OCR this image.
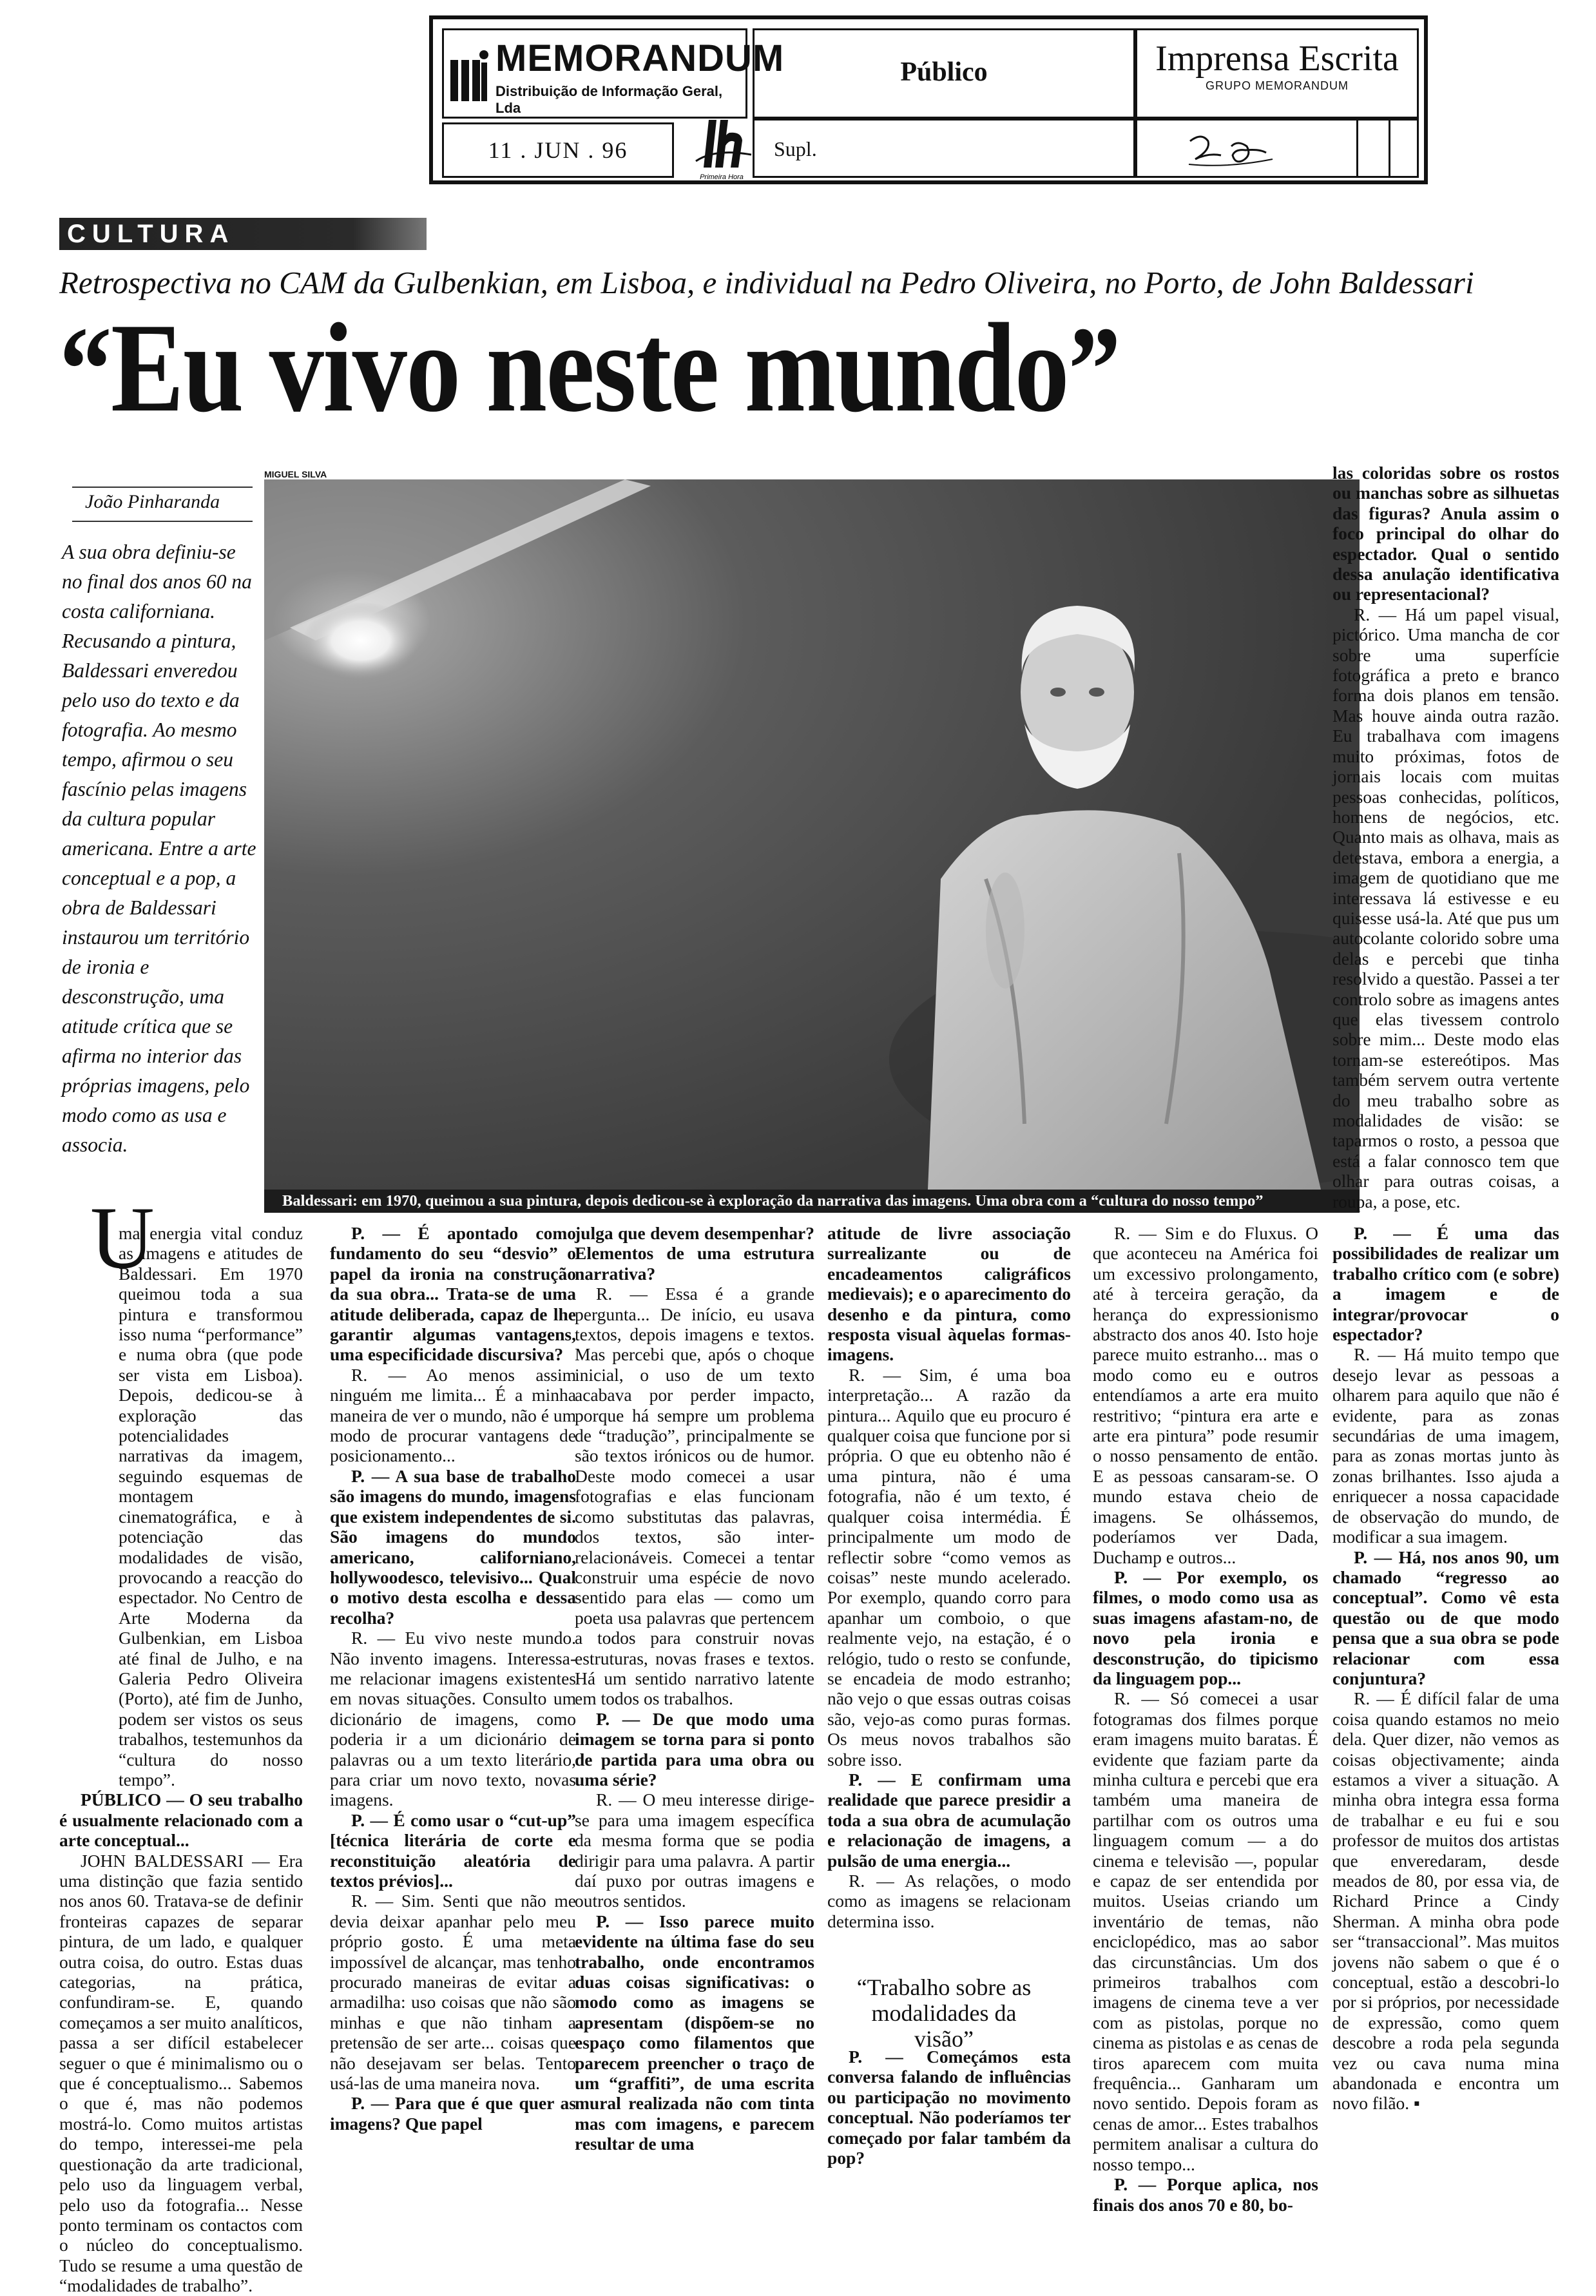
MEMORANDUM
Distribuição de Informação Geral, Lda
11 . JUN . 96
Primeira Hora
Público
Supl.
Imprensa Escrita
GRUPO MEMORANDUM
CULTURA
Retrospectiva no CAM da Gulbenkian, em Lisboa, e individual na Pedro Oliveira, no Porto, de John Baldessari
“Eu vivo neste mundo”
João Pinharanda
A sua obra definiu-se no final dos anos 60 na costa californiana. Recusando a pintura, Baldessari enveredou pelo uso do texto e da fotografia. Ao mesmo tempo, afirmou o seu fascínio pelas imagens da cultura popular americana. Entre a arte conceptual e a pop, a obra de Baldessari instaurou um território de ironia e desconstrução, uma atitude crítica que se afirma no interior das próprias imagens, pelo modo como as usa e associa.
MIGUEL SILVA
Baldessari: em 1970, queimou a sua pintura, depois dedicou-se à exploração da narrativa das imagens. Uma obra com a “cultura do nosso tempo”

las coloridas sobre os rostos ou manchas sobre as silhuetas das figuras? Anula assim o foco principal do olhar do espectador. Qual o sentido dessa anulação identificativa ou representacional?

R. — Há um papel visual, pictórico. Uma mancha de cor sobre uma superfície fotográfica a preto e branco forma dois planos em tensão. Mas houve ainda outra razão. Eu trabalhava com imagens muito próximas, fotos de jornais locais com muitas pessoas conhecidas, políticos, homens de negócios, etc. Quanto mais as olhava, mais as detestava, embora a energia, a imagem de quotidiano que me interessava lá estivesse e eu quisesse usá-la. Até que pus um autocolante colorido sobre uma delas e percebi que tinha resolvido a questão. Passei a ter controlo sobre as imagens antes que elas tivessem controlo sobre mim... Deste modo elas tornam-se estereótipos. Mas também servem outra vertente do meu trabalho sobre as modalidades de visão: se taparmos o rosto, a pessoa que está a falar connosco tem que olhar para outras coisas, a roupa, a pose, etc.

U

ma energia vital conduz as imagens e atitudes de Baldessari. Em 1970 queimou toda a sua pintura e transformou isso numa “performance” e numa obra (que pode ser vista em Lisboa). Depois, dedicou-se à exploração das potencialidades narrativas da imagem, seguindo esquemas de montagem cinematográfica, e à potenciação das modalidades de visão, provocando a reacção do espectador. No Centro de Arte Moderna da Gulbenkian, em Lisboa até final de Julho, e na Galeria Pedro Oliveira (Porto), até fim de Junho, podem ser vistos os seus trabalhos, testemunhos da “cultura do nosso tempo”.

PÚBLICO — O seu trabalho é usualmente relacionado com a arte conceptual...

JOHN BALDESSARI — Era uma distinção que fazia sentido nos anos 60. Tratava-se de definir fronteiras capazes de separar pintura, de um lado, e qualquer outra coisa, do outro. Estas duas categorias, na prática, confundiram-se. E, quando começamos a ser muito analíticos, passa a ser difícil estabelecer seguer o que é minimalismo ou o que é conceptualismo... Sabemos o que é, mas não podemos mostrá-lo. Como muitos artistas do tempo, interessei-me pela questionação da arte tradicional, pelo uso da linguagem verbal, pelo uso da fotografia... Nesse ponto terminam os contactos com o núcleo do conceptualismo. Tudo se resume a uma questão de “modalidades de trabalho”.

P. — É apontado como fundamento do seu “desvio” o papel da ironia na construção da sua obra... Trata-se de uma atitude deliberada, capaz de lhe garantir algumas vantagens, uma especificidade discursiva?

R. — Ao menos assim ninguém me limita... É a minha maneira de ver o mundo, não é um modo de procurar vantagens de posicionamento...

P. — A sua base de trabalho são imagens do mundo, imagens que existem independentes de si. São imagens do mundo americano, californiano, hollywoodesco, televisivo... Qual o motivo desta escolha e dessa recolha?

R. — Eu vivo neste mundo. Não invento imagens. Interessa-me relacionar imagens existentes em novas situações. Consulto um dicionário de imagens, como poderia ir a um dicionário de palavras ou a um texto literário, para criar um novo texto, novas imagens.

P. — É como usar o “cut-up” [técnica literária de corte e reconstituição aleatória de textos prévios]...

R. — Sim. Senti que não me devia deixar apanhar pelo meu próprio gosto. É uma meta impossível de alcançar, mas tenho procurado maneiras de evitar a armadilha: uso coisas que não são minhas e que não tinham a pretensão de ser arte... coisas que não desejavam ser belas. Tento usá-las de uma maneira nova.

P. — Para que é que quer as imagens? Que papel

julga que devem desempenhar? Elementos de uma estrutura narrativa?

R. — Essa é a grande pergunta... De início, eu usava textos, depois imagens e textos. Mas percebi que, após o choque inicial, o uso de um texto acabava por perder impacto, porque há sempre um problema de “tradução”, principalmente se são textos irónicos ou de humor. Deste modo comecei a usar fotografias e elas funcionam como substitutas das palavras, dos textos, são inter-relacionáveis. Comecei a tentar construir uma espécie de novo sentido para elas — como um poeta usa palavras que pertencem a todos para construir novas estruturas, novas frases e textos. Há um sentido narrativo latente em todos os trabalhos.

P. — De que modo uma imagem se torna para si ponto de partida para uma obra ou uma série?

R. — O meu interesse dirige-se para uma imagem específica da mesma forma que se podia dirigir para uma palavra. A partir daí puxo por outras imagens e outros sentidos.

P. — Isso parece muito evidente na última fase do seu trabalho, onde encontramos duas coisas significativas: o modo como as imagens se apresentam (dispõem-se no espaço como filamentos que parecem preencher o traço de um “graffiti”, de uma escrita mural realizada não com tinta mas com imagens, e parecem resultar de uma

atitude de livre associação surrealizante ou de encadeamentos caligráficos medievais); e o aparecimento do desenho e da pintura, como resposta visual àquelas formas-imagens.

R. — Sim, é uma boa interpretação... A razão da pintura... Aquilo que eu procuro é qualquer coisa que funcione por si própria. O que eu obtenho não é uma pintura, não é uma fotografia, não é um texto, é qualquer coisa intermédia. É principalmente um modo de reflectir sobre “como vemos as coisas” neste mundo acelerado. Por exemplo, quando corro para apanhar um comboio, o que realmente vejo, na estação, é o relógio, tudo o resto se confunde, se encadeia de modo estranho; não vejo o que essas outras coisas são, vejo-as como puras formas. Os meus novos trabalhos são sobre isso.

P. — E confirmam uma realidade que parece presidir a toda a sua obra de acumulação e relacionação de imagens, a pulsão de uma energia...

R. — As relações, o modo como as imagens se relacionam determina isso.

“Trabalho sobre as modalidades da visão”

P. — Começámos esta conversa falando de influências ou participação no movimento conceptual. Não poderíamos ter começado por falar também da pop?

R. — Sim e do Fluxus. O que aconteceu na América foi um excessivo prolongamento, até à terceira geração, da herança do expressionismo abstracto dos anos 40. Isto hoje parece muito estranho... mas o modo como eu e outros entendíamos a arte era muito restritivo; “pintura era arte e arte era pintura” pode resumir o nosso pensamento de então. E as pessoas cansaram-se. O mundo estava cheio de imagens. Se olhássemos, poderíamos ver Dada, Duchamp e outros...

P. — Por exemplo, os filmes, o modo como usa as suas imagens afastam-no, de novo pela ironia e desconstrução, do tipicismo da linguagem pop...

R. — Só comecei a usar fotogramas dos filmes porque eram imagens muito baratas. É evidente que faziam parte da minha cultura e percebi que era também uma maneira de partilhar com os outros uma linguagem comum — a do cinema e televisão —, popular e capaz de ser entendida por muitos. Useias criando um inventário de temas, não enciclopédico, mas ao sabor das circunstâncias. Um dos primeiros trabalhos com imagens de cinema teve a ver com as pistolas, porque no cinema as pistolas e as cenas de tiros aparecem com muita frequência... Ganharam um novo sentido. Depois foram as cenas de amor... Estes trabalhos permitem analisar a cultura do nosso tempo...

P. — Porque aplica, nos finais dos anos 70 e 80, bo-

P. — É uma das possibilidades de realizar um trabalho crítico com (e sobre) a imagem e de integrar/provocar o espectador?

R. — Há muito tempo que desejo levar as pessoas a olharem para aquilo que não é evidente, para as zonas secundárias de uma imagem, para as zonas mortas junto às zonas brilhantes. Isso ajuda a enriquecer a nossa capacidade de observação do mundo, de modificar a sua imagem.

P. — Há, nos anos 90, um chamado “regresso ao conceptual”. Como vê esta questão ou de que modo pensa que a sua obra se pode relacionar com essa conjuntura?

R. — É difícil falar de uma coisa quando estamos no meio dela. Quer dizer, não vemos as coisas objectivamente; ainda estamos a viver a situação. A minha obra integra essa forma de trabalhar e eu fui e sou professor de muitos dos artistas que enveredaram, desde meados de 80, por essa via, de Richard Prince a Cindy Sherman. A minha obra pode ser “transaccional”. Mas muitos jovens não sabem o que é o conceptual, estão a descobri-lo por si próprios, por necessidade de expressão, como quem descobre a roda pela segunda vez ou cava numa mina abandonada e encontra um novo filão. ▪
